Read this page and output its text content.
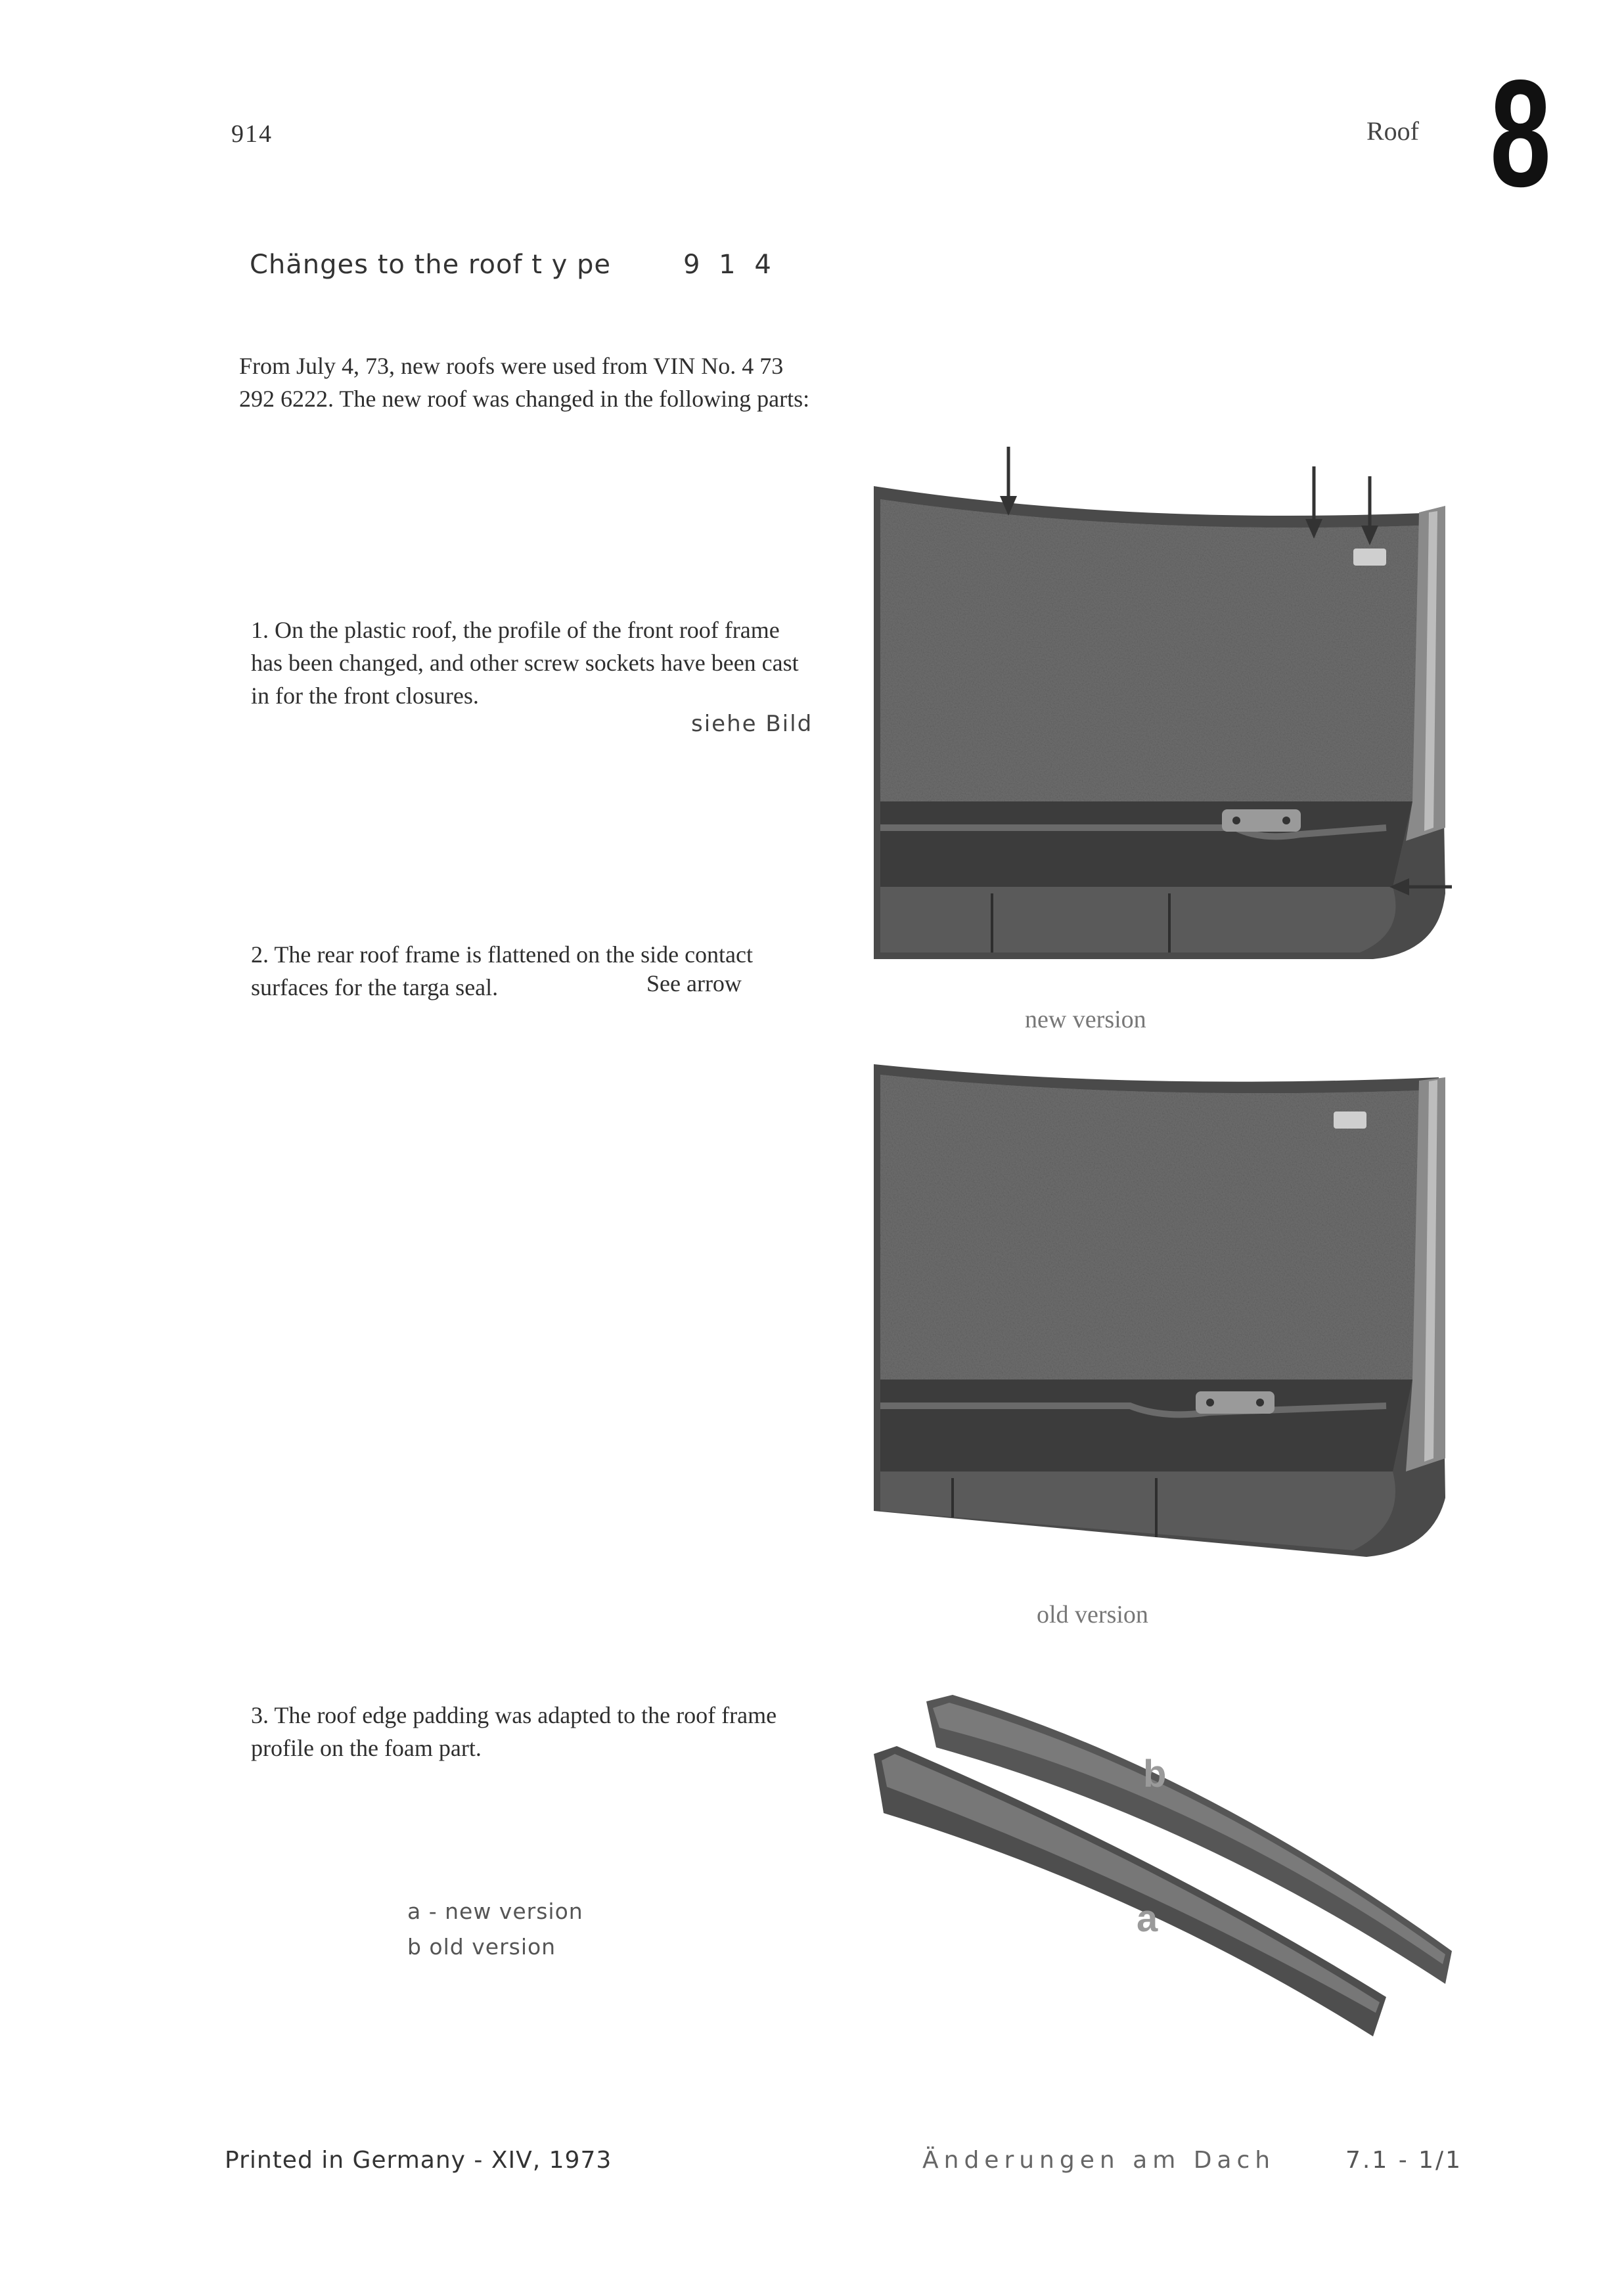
914	Roof 8
Chänges to the roof t y pe	9 1 4
From July 4, 73, new roofs were used from VIN No. 4 73 292 6222. The new roof was changed in the following parts:
1. On the plastic roof, the profile of the front roof frame has been changed, and other screw sockets have been cast in for the front closures.
siehe Bild
2. The rear roof frame is flattened on the side contact surfaces for the targa seal.	See arrow
3. The roof edge padding was adapted to the roof frame profile on the foam part.
a - new version
b old version
new version
old version
b
a
Printed in Germany - XIV, 1973	Änderungen am Dach	7.1 - 1/1
